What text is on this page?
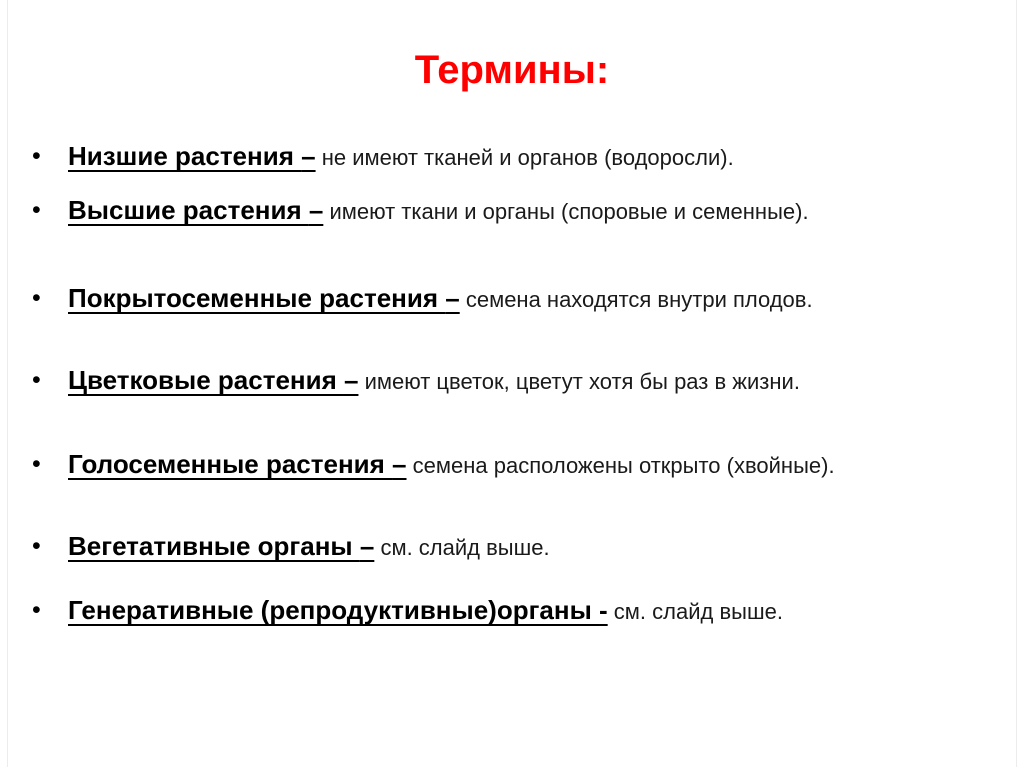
Термины:
• Низшие растения – не имеют тканей и органов (водоросли).
• Высшие растения – имеют ткани и органы (споровые и семенные).
• Покрытосеменные растения – семена находятся внутри плодов.
• Цветковые растения – имеют цветок, цветут хотя бы раз в жизни.
• Голосеменные растения – семена расположены открыто (хвойные).
• Вегетативные органы – см. слайд выше.
• Генеративные (репродуктивные)органы - см. слайд выше.
